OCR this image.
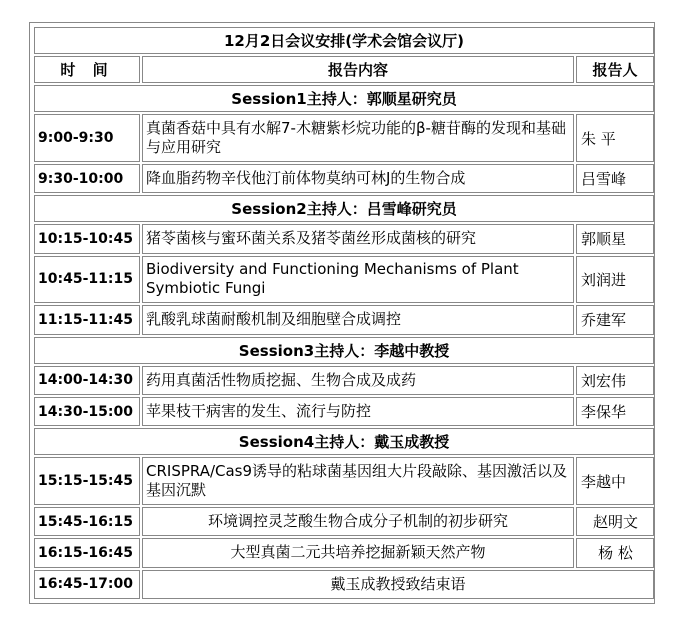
12月2日会议安排(学术会馆会议厅)		
时 间	报告内容	报告人
Session1主持人：郭顺星研究员		
9:00-9:30	真菌香菇中具有水解7-木糖紫杉烷功能的β-糖苷酶的发现和基础与应用研究	朱 平
9:30-10:00	降血脂药物辛伐他汀前体物莫纳可林J的生物合成	吕雪峰
Session2主持人：吕雪峰研究员		
10:15-10:45	猪苓菌核与蜜环菌关系及猪苓菌丝形成菌核的研究	郭顺星
10:45-11:15	Biodiversity and Functioning Mechanisms of Plant Symbiotic Fungi	刘润进
11:15-11:45	乳酸乳球菌耐酸机制及细胞壁合成调控	乔建军
Session3主持人：李越中教授		
14:00-14:30	药用真菌活性物质挖掘、生物合成及成药	刘宏伟
14:30-15:00	苹果枝干病害的发生、流行与防控	李保华
Session4主持人：戴玉成教授		
15:15-15:45	CRISPRA/Cas9诱导的粘球菌基因组大片段敲除、基因激活以及基因沉默	李越中
15:45-16:15	环境调控灵芝酸生物合成分子机制的初步研究	赵明文
16:15-16:45	大型真菌二元共培养挖掘新颖天然产物	杨 松
16:45-17:00	戴玉成教授致结束语	
